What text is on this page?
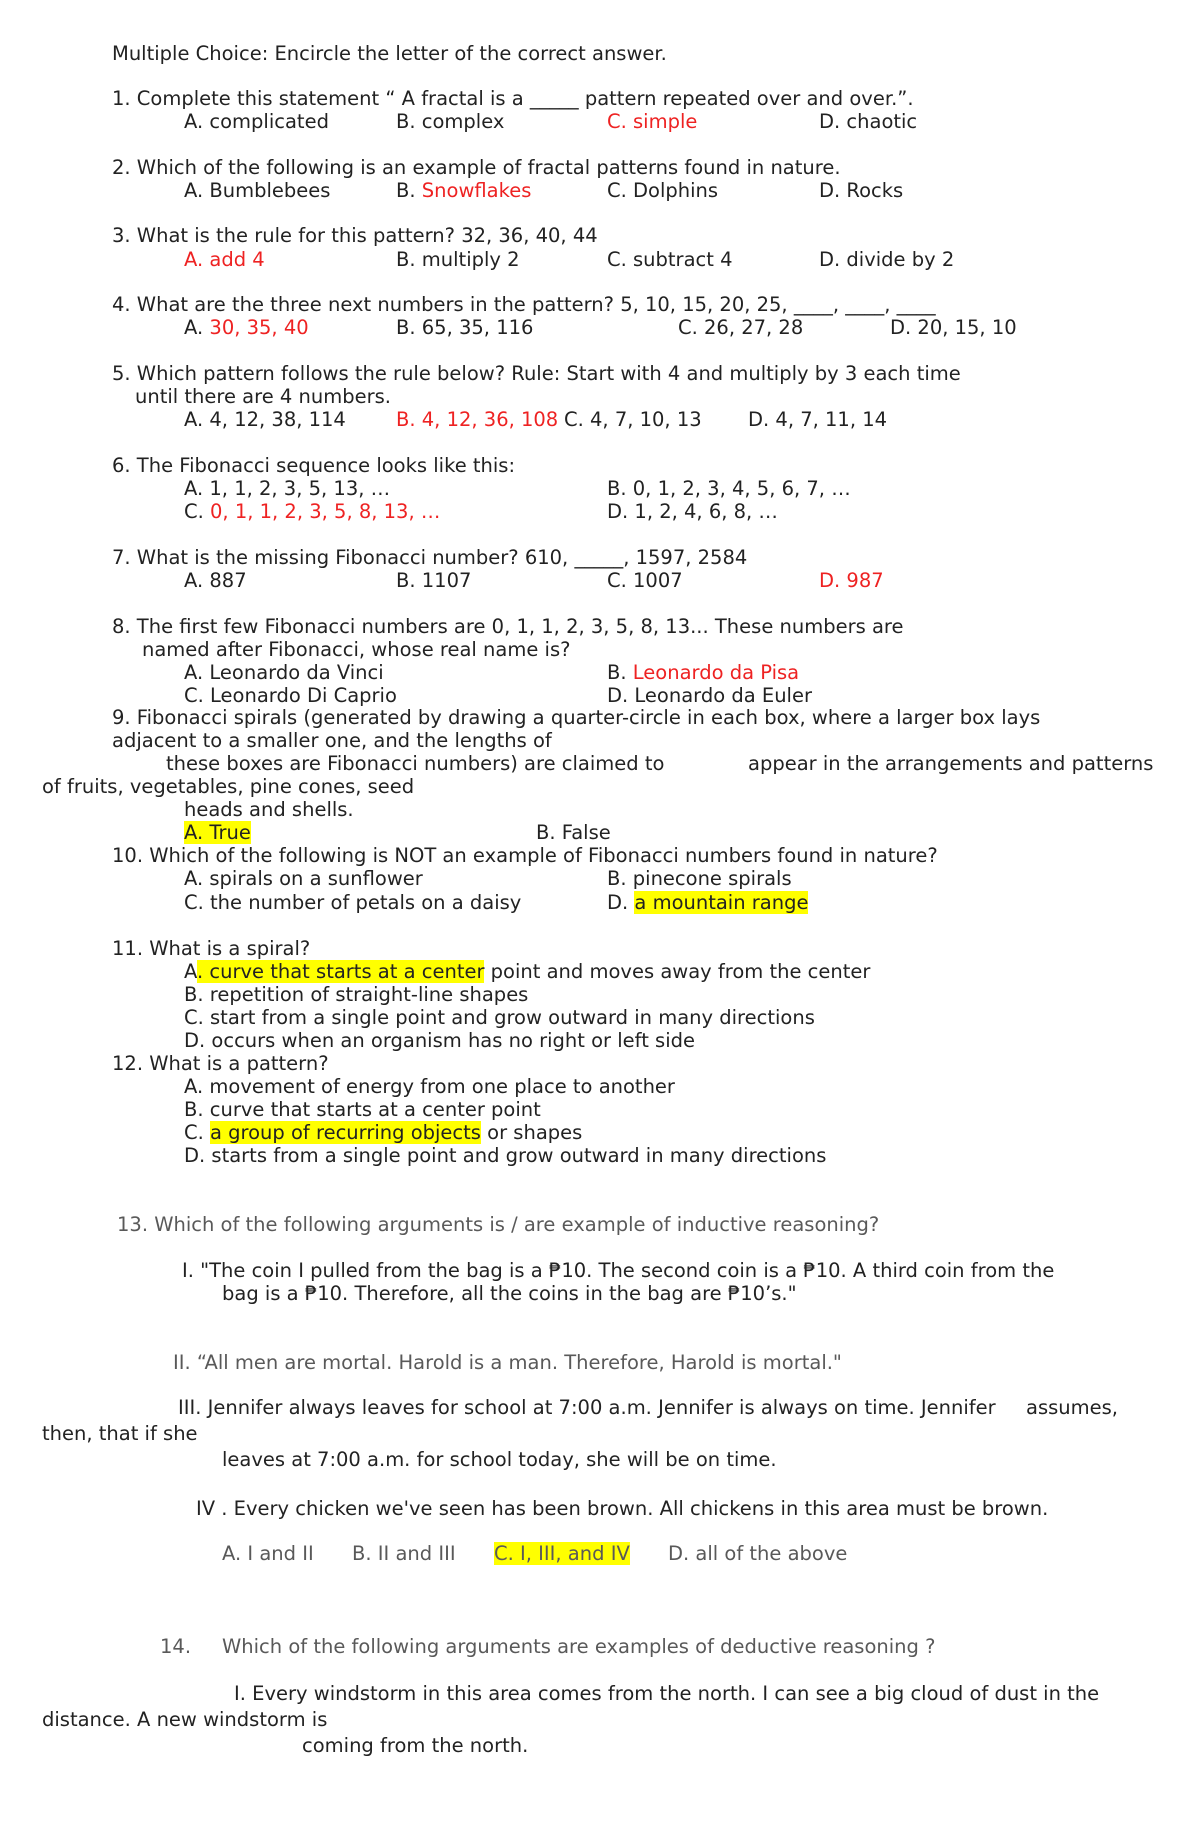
Multiple Choice: Encircle the letter of the correct answer.
1. Complete this statement “ A fractal is a _____ pattern repeated over and over.”.
A. complicated	B. complex	C. simple	D. chaotic
2. Which of the following is an example of fractal patterns found in nature.
A. Bumblebees	B. Snowflakes	C. Dolphins	D. Rocks
3. What is the rule for this pattern? 32, 36, 40, 44
A. add 4	B. multiply 2	C. subtract 4	D. divide by 2
4. What are the three next numbers in the pattern? 5, 10, 15, 20, 25, ____, ____, ____
A. 30, 35, 40	B. 65, 35, 116	C. 26, 27, 28	D. 20, 15, 10
5. Which pattern follows the rule below? Rule: Start with 4 and multiply by 3 each time
until there are 4 numbers.
A. 4, 12, 38, 114	B. 4, 12, 36, 108 C. 4, 7, 10, 13 D. 4, 7, 11, 14
6. The Fibonacci sequence looks like this:
A. 1, 1, 2, 3, 5, 13, …	B. 0, 1, 2, 3, 4, 5, 6, 7, …
C. 0, 1, 1, 2, 3, 5, 8, 13, …	D. 1, 2, 4, 6, 8, …
7. What is the missing Fibonacci number? 610, _____, 1597, 2584
A. 887	B. 1107	C. 1007	D. 987
8. The first few Fibonacci numbers are 0, 1, 1, 2, 3, 5, 8, 13... These numbers are
named after Fibonacci, whose real name is?
A. Leonardo da Vinci	B. Leonardo da Pisa
C. Leonardo Di Caprio	D. Leonardo da Euler
9. Fibonacci spirals (generated by drawing a quarter-circle in each box, where a larger box lays
adjacent to a smaller one, and the lengths of
these boxes are Fibonacci numbers) are claimed to	appear in the arrangements and patterns
of fruits, vegetables, pine cones, seed
heads and shells.
A. True	B. False
10. Which of the following is NOT an example of Fibonacci numbers found in nature?
A. spirals on a sunflower	B. pinecone spirals
C. the number of petals on a daisy	D. a mountain range
11. What is a spiral?
A. curve that starts at a center point and moves away from the center
B. repetition of straight-line shapes
C. start from a single point and grow outward in many directions
D. occurs when an organism has no right or left side
12. What is a pattern?
A. movement of energy from one place to another
B. curve that starts at a center point
C. a group of recurring objects or shapes
D. starts from a single point and grow outward in many directions
13. Which of the following arguments is / are example of inductive reasoning?
I. "The coin I pulled from the bag is a ₱10. The second coin is a ₱10. A third coin from the
bag is a ₱10. Therefore, all the coins in the bag are ₱10’s."
II. “All men are mortal. Harold is a man. Therefore, Harold is mortal."
III. Jennifer always leaves for school at 7:00 a.m. Jennifer is always on time. Jennifer assumes,
then, that if she
leaves at 7:00 a.m. for school today, she will be on time.
IV . Every chicken we've seen has been brown. All chickens in this area must be brown.
A. I and II B. II and III C. I, III, and IV D. all of the above
14. Which of the following arguments are examples of deductive reasoning ?
I. Every windstorm in this area comes from the north. I can see a big cloud of dust in the
distance. A new windstorm is
coming from the north.
